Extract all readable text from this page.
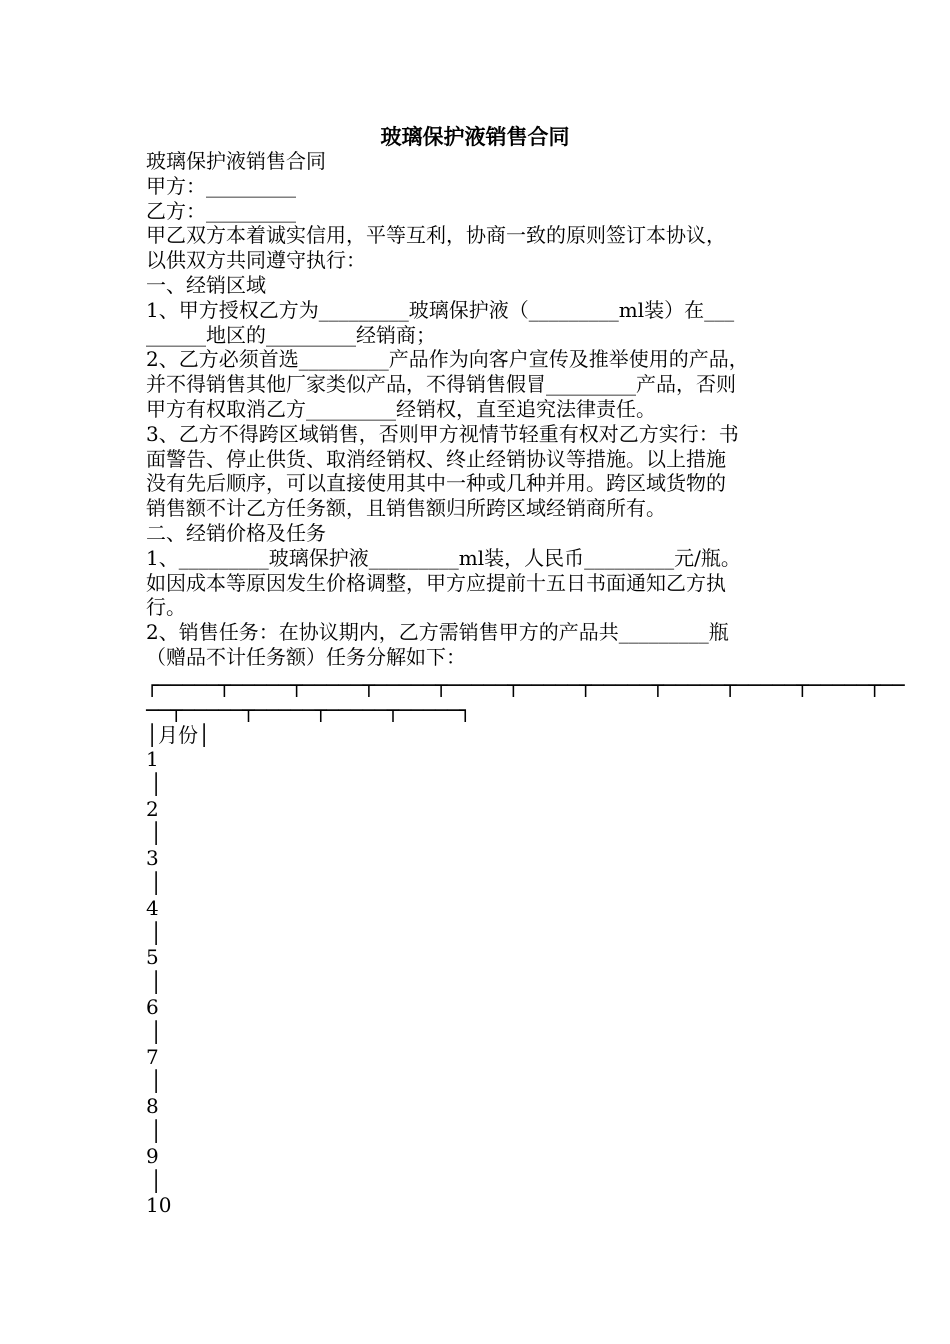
玻璃保护液销售合同
玻璃保护液销售合同
甲方：_________
乙方：_________
甲乙双方本着诚实信用，平等互利，协商一致的原则签订本协议，
以供双方共同遵守执行：
一、经销区域
1、甲方授权乙方为_________玻璃保护液（_________ml装）在___
______地区的_________经销商；
2、乙方必须首选_________产品作为向客户宣传及推举使用的产品，
并不得销售其他厂家类似产品，不得销售假冒_________产品，否则
甲方有权取消乙方_________经销权，直至追究法律责任。
3、乙方不得跨区域销售，否则甲方视情节轻重有权对乙方实行：书
面警告、停止供货、取消经销权、终止经销协议等措施。以上措施
没有先后顺序，可以直接使用其中一种或几种并用。跨区域货物的
销售额不计乙方任务额，且销售额归所跨区域经销商所有。
二、经销价格及任务
1、_________玻璃保护液_________ml装，人民币_________元/瓶。
如因成本等原因发生价格调整，甲方应提前十五日书面通知乙方执
行。
2、销售任务：在协议期内，乙方需销售甲方的产品共_________瓶
（赠品不计任务额）任务分解如下：
┌─────┬─────┬─────┬─────┬─────┬─────┬─────┬─────┬─────┬─────┬──
──┬─────┬─────┬─────┬─────┐
│月份│
1
│
2
│
3
│
4
│
5
│
6
│
7
│
8
│
9
│
10
